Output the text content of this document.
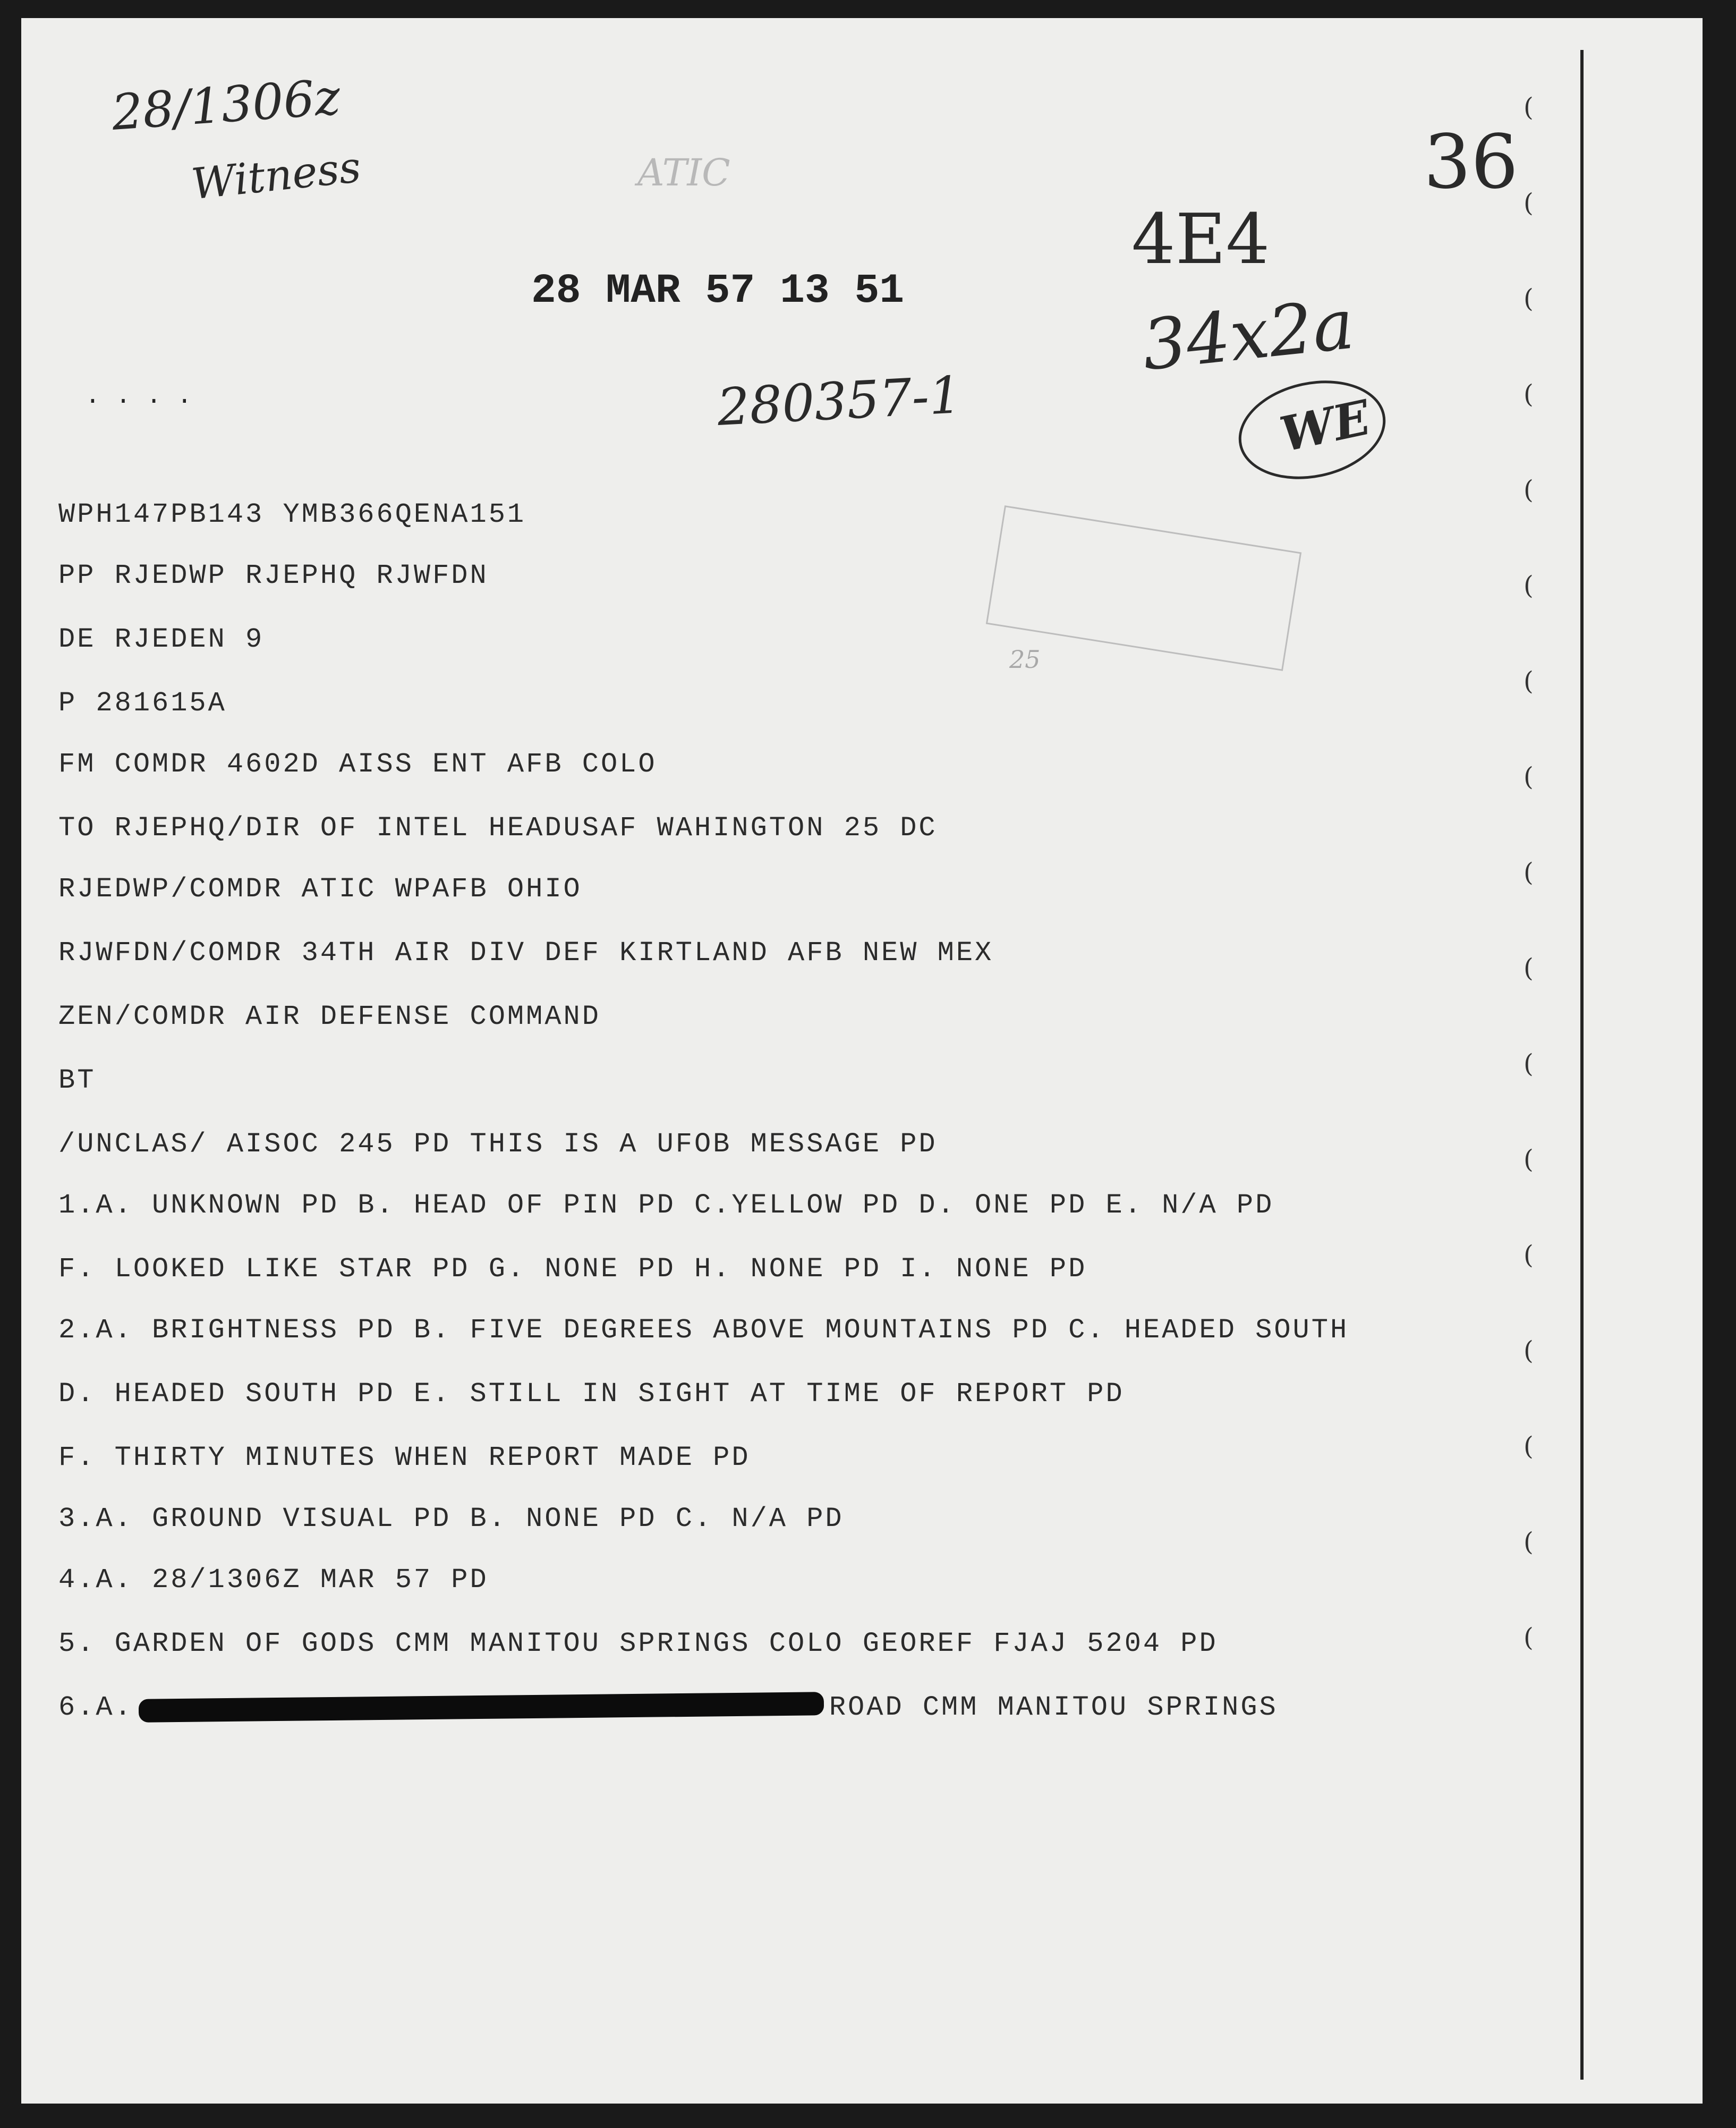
(
(
(
(
(
(
(
(
(
(
(
(
(
(
(
(
(
28/1306z
Witness	ATIC
280357-1
4E4
36
34x2a
WE
25
28 MAR 57 13 51
. . . .
WPH147PB143 YMB366QENA151
PP RJEDWP RJEPHQ RJWFDN
DE RJEDEN 9
P 281615A
FM COMDR 4602D AISS ENT AFB COLO
TO RJEPHQ/DIR OF INTEL HEADUSAF WAHINGTON 25 DC
RJEDWP/COMDR ATIC WPAFB OHIO
RJWFDN/COMDR 34TH AIR DIV DEF KIRTLAND AFB NEW MEX
ZEN/COMDR AIR DEFENSE COMMAND
BT
/UNCLAS/ AISOC 245 PD THIS IS A UFOB MESSAGE PD
1.A. UNKNOWN PD B. HEAD OF PIN PD C.YELLOW PD D. ONE PD E. N/A PD
F. LOOKED LIKE STAR PD G. NONE PD H. NONE PD I. NONE PD
2.A. BRIGHTNESS PD B. FIVE DEGREES ABOVE MOUNTAINS PD C. HEADED SOUTH
D. HEADED SOUTH PD E. STILL IN SIGHT AT TIME OF REPORT PD
F. THIRTY MINUTES WHEN REPORT MADE PD
3.A. GROUND VISUAL PD B. NONE PD C. N/A PD
4.A. 28/1306Z MAR 57 PD
5. GARDEN OF GODS CMM MANITOU SPRINGS COLO GEOREF FJAJ 5204 PD
6.A.	ROAD CMM MANITOU SPRINGS
